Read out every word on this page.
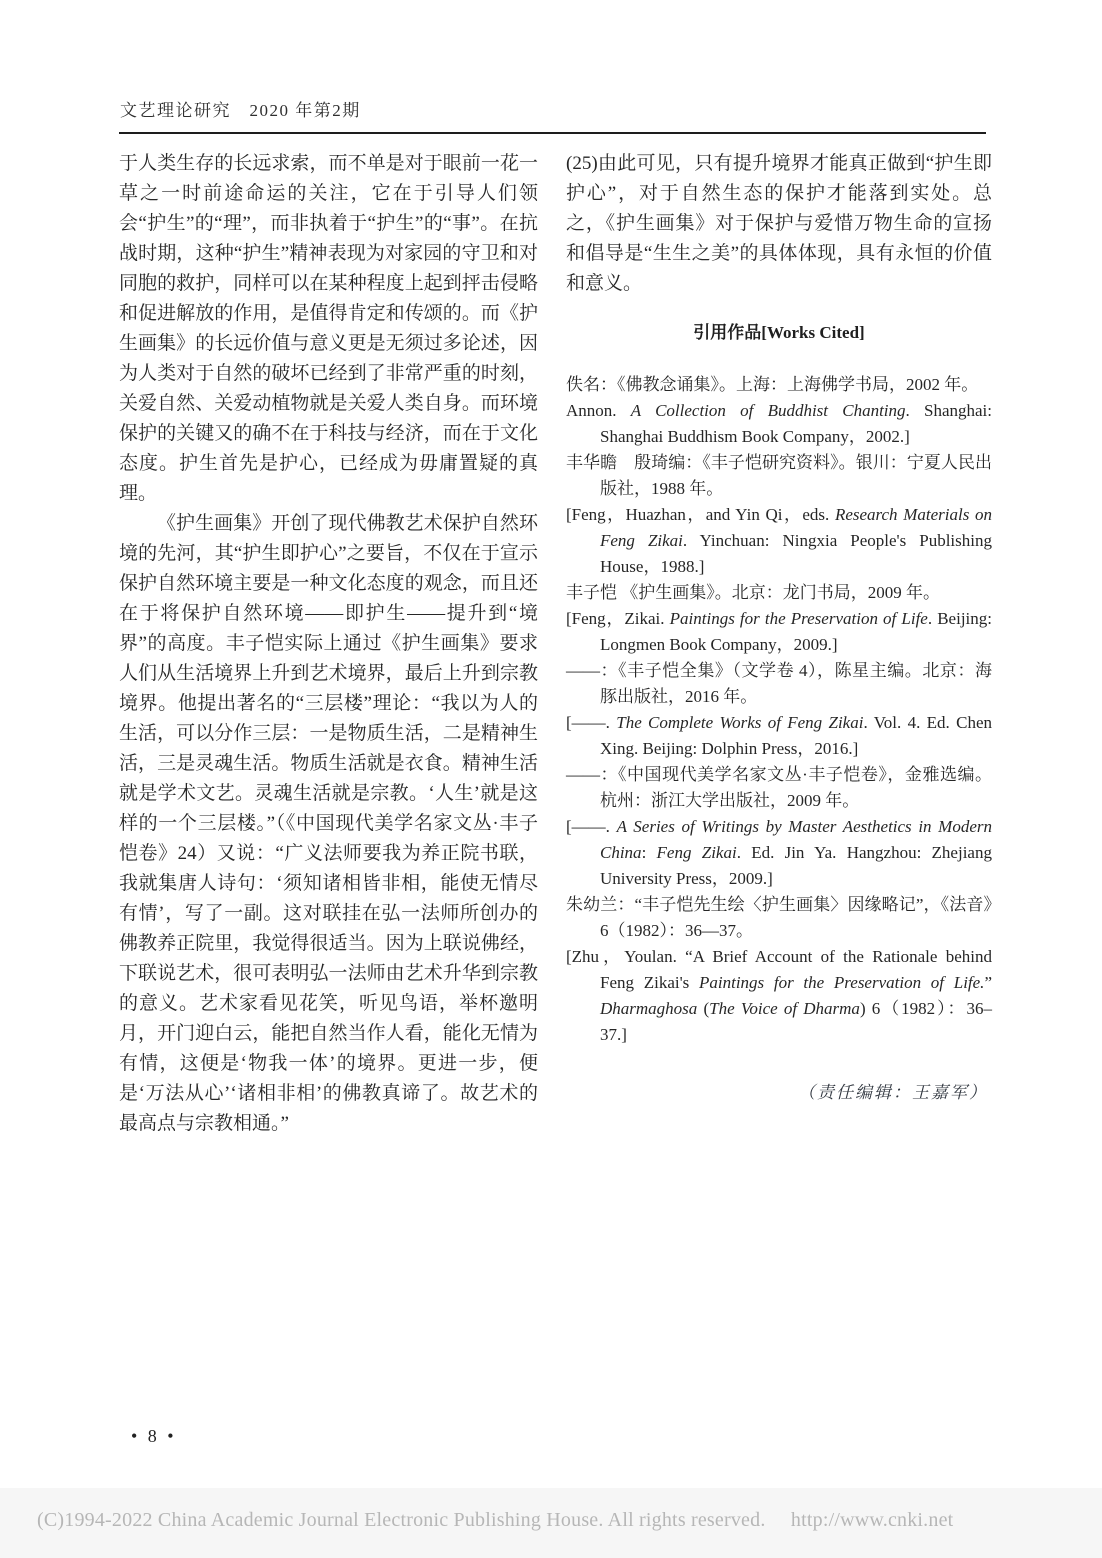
文艺理论研究　2020 年第2期

于人类生存的长远求索，而不单是对于眼前一花一草之一时前途命运的关注，它在于引导人们领会“护生”的“理”，而非执着于“护生”的“事”。在抗战时期，这种“护生”精神表现为对家园的守卫和对同胞的救护，同样可以在某种程度上起到抨击侵略和促进解放的作用，是值得肯定和传颂的。而《护生画集》的长远价值与意义更是无须过多论述，因为人类对于自然的破坏已经到了非常严重的时刻，关爱自然、关爱动植物就是关爱人类自身。而环境保护的关键又的确不在于科技与经济，而在于文化态度。护生首先是护心，已经成为毋庸置疑的真理。

《护生画集》开创了现代佛教艺术保护自然环境的先河，其“护生即护心”之要旨，不仅在于宣示保护自然环境主要是一种文化态度的观念，而且还在于将保护自然环境——即护生——提升到“境界”的高度。丰子恺实际上通过《护生画集》要求人们从生活境界上升到艺术境界，最后上升到宗教境界。他提出著名的“三层楼”理论：“我以为人的生活，可以分作三层：一是物质生活，二是精神生活，三是灵魂生活。物质生活就是衣食。精神生活就是学术文艺。灵魂生活就是宗教。‘人生’就是这样的一个三层楼。”（《中国现代美学名家文丛·丰子恺卷》24）又说：“广义法师要我为养正院书联，我就集唐人诗句：‘须知诸相皆非相，能使无情尽有情’，写了一副。这对联挂在弘一法师所创办的佛教养正院里，我觉得很适当。因为上联说佛经，下联说艺术，很可表明弘一法师由艺术升华到宗教的意义。艺术家看见花笑，听见鸟语，举杯邀明月，开门迎白云，能把自然当作人看，能化无情为有情，这便是‘物我一体’的境界。更进一步，便是‘万法从心’‘诸相非相’的佛教真谛了。故艺术的最高点与宗教相通。”

(25)由此可见，只有提升境界才能真正做到“护生即护心”，对于自然生态的保护才能落到实处。总之，《护生画集》对于保护与爱惜万物生命的宣扬和倡导是“生生之美”的具体体现，具有永恒的价值和意义。

引用作品[Works Cited]

佚名：《佛教念诵集》。上海：上海佛学书局，2002 年。

Annon. A Collection of Buddhist Chanting. Shanghai: Shanghai Buddhism Book Company，2002.]

丰华瞻　殷琦编：《丰子恺研究资料》。银川：宁夏人民出版社，1988 年。

[Feng，Huazhan，and Yin Qi，eds. Research Materials on Feng Zikai. Yinchuan: Ningxia People's Publishing House，1988.]

丰子恺 《护生画集》。北京：龙门书局，2009 年。

[Feng，Zikai. Paintings for the Preservation of Life. Beijing: Longmen Book Company，2009.]

——：《丰子恺全集》（文学卷 4），陈星主编。北京：海豚出版社，2016 年。

[——. The Complete Works of Feng Zikai. Vol. 4. Ed. Chen Xing. Beijing: Dolphin Press，2016.]

——：《中国现代美学名家文丛·丰子恺卷》，金雅选编。杭州：浙江大学出版社，2009 年。

[——. A Series of Writings by Master Aesthetics in Modern China: Feng Zikai. Ed. Jin Ya. Hangzhou: Zhejiang University Press，2009.]

朱幼兰：“丰子恺先生绘〈护生画集〉因缘略记”，《法音》6（1982）：36—37。

[Zhu，Youlan. “A Brief Account of the Rationale behind Feng Zikai's Paintings for the Preservation of Life.” Dharmaghosa (The Voice of Dharma) 6（1982）：36–37.]

（责任编辑：王嘉军）

• 8 •
(C)1994-2022 China Academic Journal Electronic Publishing House. All rights reserved.　 http://www.cnki.net
